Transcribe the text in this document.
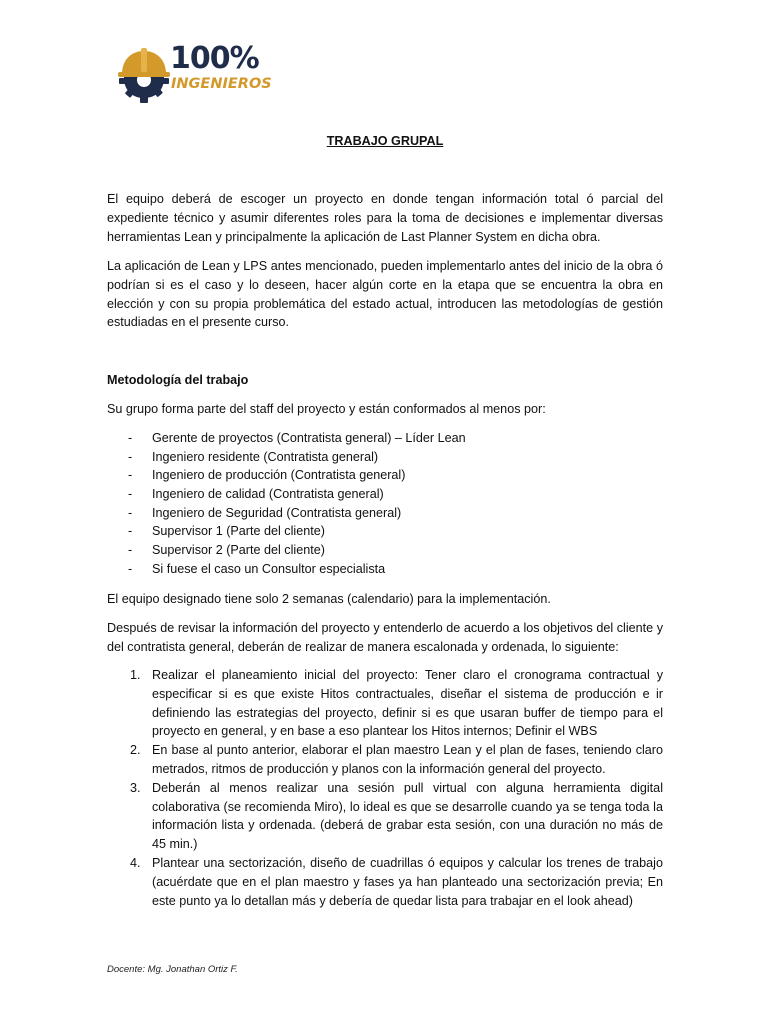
100%
INGENIEROS
TRABAJO GRUPAL

El equipo deberá de escoger un proyecto en donde tengan información total ó parcial del expediente técnico y asumir diferentes roles para la toma de decisiones e implementar diversas herramientas Lean y principalmente la aplicación de Last Planner System en dicha obra.

La aplicación de Lean y LPS antes mencionado, pueden implementarlo antes del inicio de la obra ó podrían si es el caso y lo deseen, hacer algún corte en la etapa que se encuentra la obra en elección y con su propia problemática del estado actual, introducen las metodologías de gestión estudiadas en el presente curso.

Metodología del trabajo
Su grupo forma parte del staff del proyecto y están conformados al menos por:
- Gerente de proyectos (Contratista general) – Líder Lean
- Ingeniero residente (Contratista general)
- Ingeniero de producción (Contratista general)
- Ingeniero de calidad (Contratista general)
- Ingeniero de Seguridad (Contratista general)
- Supervisor 1 (Parte del cliente)
- Supervisor 2 (Parte del cliente)
- Si fuese el caso un Consultor especialista
El equipo designado tiene solo 2 semanas (calendario) para la implementación.

Después de revisar la información del proyecto y entenderlo de acuerdo a los objetivos del cliente y del contratista general, deberán de realizar de manera escalonada y ordenada, lo siguiente:

1. Realizar el planeamiento inicial del proyecto: Tener claro el cronograma contractual y especificar si es que existe Hitos contractuales, diseñar el sistema de producción e ir definiendo las estrategias del proyecto, definir si es que usaran buffer de tiempo para el proyecto en general, y en base a eso plantear los Hitos internos; Definir el WBS
2. En base al punto anterior, elaborar el plan maestro Lean y el plan de fases, teniendo claro metrados, ritmos de producción y planos con la información general del proyecto.
3. Deberán al menos realizar una sesión pull virtual con alguna herramienta digital colaborativa (se recomienda Miro), lo ideal es que se desarrolle cuando ya se tenga toda la información lista y ordenada. (deberá de grabar esta sesión, con una duración no más de 45 min.)
4. Plantear una sectorización, diseño de cuadrillas ó equipos y calcular los trenes de trabajo (acuérdate que en el plan maestro y fases ya han planteado una sectorización previa; En este punto ya lo detallan más y debería de quedar lista para trabajar en el look ahead)
Docente: Mg. Jonathan Ortiz F.
